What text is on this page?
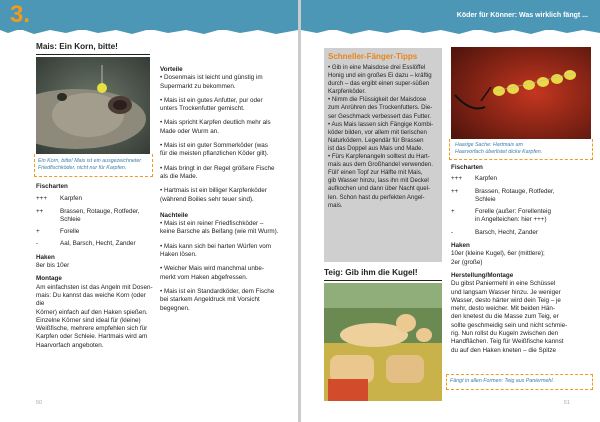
3.
Mais: Ein Korn, bitte!
Ein Korn, bitte! Mais ist ein ausgezeichneter
Friedfischköder, nicht nur für Karpfen.
Fischarten
+++	Karpfen
++	Brassen, Rotauge, Rotfeder,
Schleie
+	Forelle
-	Aal, Barsch, Hecht, Zander
Haken
8er bis 10er
Montage
Am einfachsten ist das Angeln mit Dosen-
mais: Du kannst das weiche Korn (oder die
Körner) einfach auf den Haken spießen.
Einzelne Körner sind ideal für (kleine)
Weißfische, mehrere empfehlen sich für
Karpfen oder Schleie. Hartmais wird am
Haarvorfach angeboten.
Vorteile
• Dosenmais ist leicht und günstig im
Supermarkt zu bekommen.
• Mais ist ein gutes Anfutter, pur oder
unters Trockenfutter gemischt.
• Mais spricht Karpfen deutlich mehr als
Made oder Wurm an.
• Mais ist ein guter Sommerköder (was
für die meisten pflanzlichen Köder gilt).
• Mais bringt in der Regel größere Fische
als die Made.
• Hartmais ist ein billiger Karpfenköder
(während Boilies sehr teuer sind).
Nachteile
• Mais ist ein reiner Friedfischköder –
keine Barsche als Beifang (wie mit Wurm).
• Mais kann sich bei harten Würfen vom
Haken lösen.
• Weicher Mais wird manchmal unbe-
merkt vom Haken abgefressen.
• Mais ist ein Standardköder, dem Fische
bei starkem Angeldruck mit Vorsicht
begegnen.
50
Köder für Könner: Was wirklich fängt ...
Schneller-Fänger-Tipps
• Gib in eine Maisdose drei Esslöffel
Honig und ein großes Ei dazu – kräftig
durch – das ergibt einen super-süßen
Karpfenköder.
• Nimm die Flüssigkeit der Maisdose
zum Anrühren des Trockenfutters. Die-
ser Geschmack verbessert das Futter.
• Aus Mais lassen sich Fängige Kombi-
köder bilden, vor allem mit tierischen
Naturködern. Legendär für Brassen
ist das Doppel aus Mais und Made.
• Fürs Karpfenangeln solltest du Hart-
mais aus dem Großhandel verwenden.
Füll' einen Topf zur Hälfte mit Mais,
gib Wasser hinzu, lass ihn mit Deckel
aufkochen und dann über Nacht quel-
len. Schon hast du perfekten Angel-
mais.
Teig: Gib ihm die Kugel!
Fängt in allen Formen: Teig aus Paniermehl.
Haarige Sache: Hartmais am
Haarvorfach überlistet dicke Karpfen.
Fischarten
+++	Karpfen
++	Brassen, Rotauge, Rotfeder,
Schleie
+	Forelle (außer: Forellenteig
in Angelteichen: hier +++)
-	Barsch, Hecht, Zander
Haken
10er (kleine Kugel), 6er (mittlere);
2er (große)
Herstellung/Montage
Du gibst Paniermehl in eine Schüssel
und langsam Wasser hinzu. Je weniger
Wasser, desto härter wird dein Teig – je
mehr, desto weicher. Mit beiden Hän-
den knetest du die Masse zum Teig, er
sollte geschmeidig sein und nicht schmie-
rig. Nun rollst du Kugeln zwischen den
Handflächen. Teig für Weißfische kannst
du auf den Haken kneten – die Spitze
51
